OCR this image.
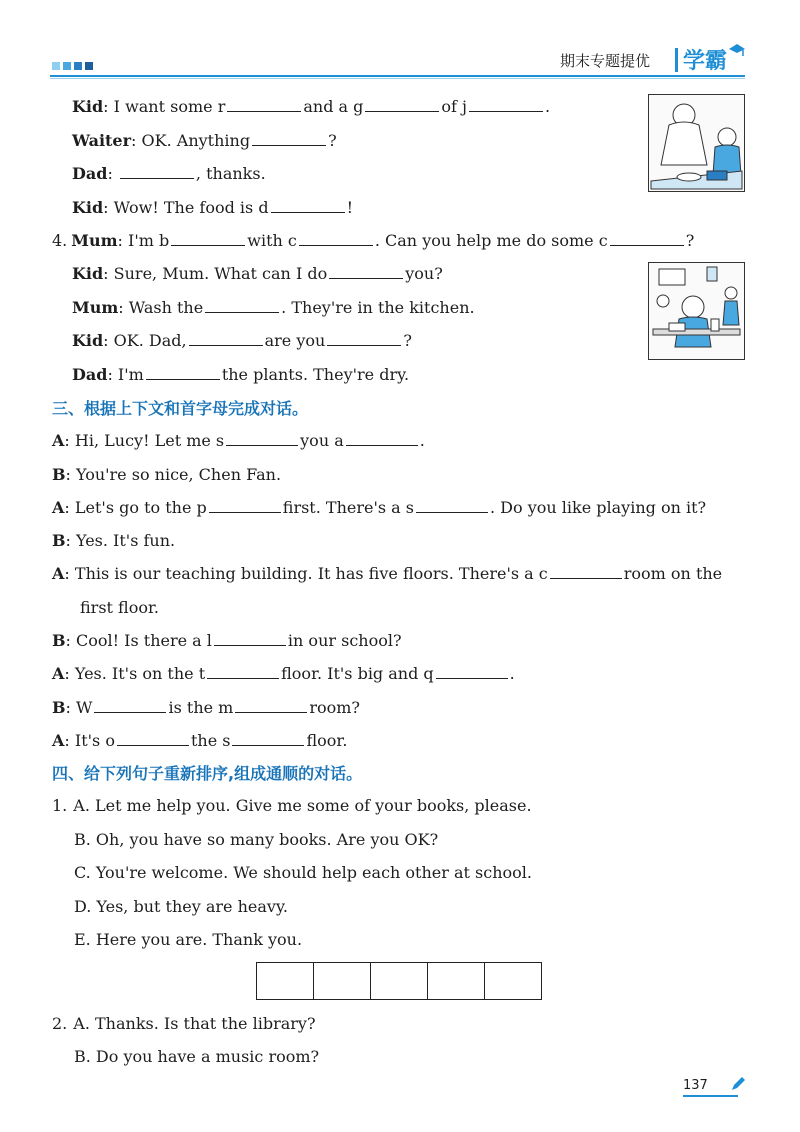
期末专题提优 学霸
Kid: I want some r	and a g	of j	.
Waiter: OK. Anything	?
Dad:	, thanks.
Kid: Wow! The food is d	!
4. Mum: I'm b	with c	. Can you help me do some c	?
Kid: Sure, Mum. What can I do	you?
Mum: Wash the	. They're in the kitchen.
Kid: OK. Dad,	are you	?
Dad: I'm	the plants. They're dry.
三、根据上下文和首字母完成对话。
A: Hi, Lucy! Let me s	you a	.
B: You're so nice, Chen Fan.
A: Let's go to the p	first. There's a s	. Do you like playing on it?
B: Yes. It's fun.
A: This is our teaching building. It has five floors. There's a c	room on the
first floor.
B: Cool! Is there a l	in our school?
A: Yes. It's on the t	floor. It's big and q	.
B: W	is the m	room?
A: It's o	the s	floor.
四、给下列句子重新排序,组成通顺的对话。
1. A. Let me help you. Give me some of your books, please.
B. Oh, you have so many books. Are you OK?
C. You're welcome. We should help each other at school.
D. Yes, but they are heavy.
E. Here you are. Thank you.
2. A. Thanks. Is that the library?
B. Do you have a music room?
137
